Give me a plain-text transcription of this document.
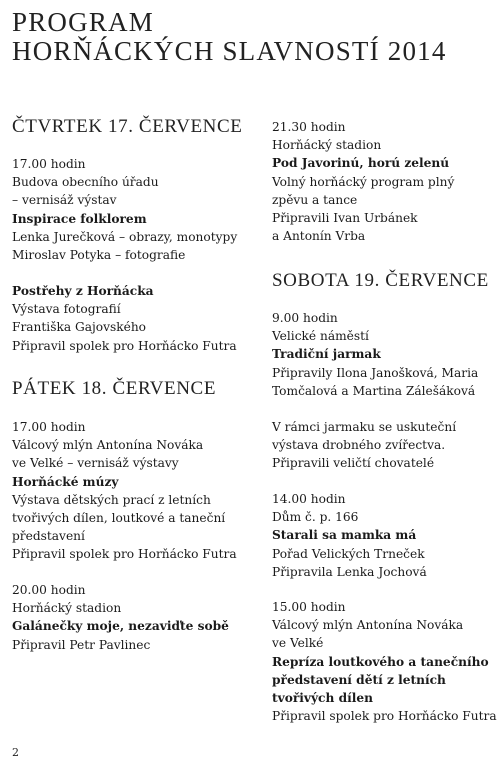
PROGRAM
HORŇÁCKÝCH SLAVNOSTÍ 2014
ČTVRTEK 17. ČERVENCE
17.00 hodin
Budova obecního úřadu
– vernisáž výstav
Inspirace folklorem
Lenka Jurečková – obrazy, monotypy
Miroslav Potyka – fotografie
Postřehy z Horňácka
Výstava fotografií
Františka Gajovského
Připravil spolek pro Horňácko Futra
PÁTEK 18. ČERVENCE
17.00 hodin
Válcový mlýn Antonína Nováka
ve Velké – vernisáž výstavy
Horňácké múzy
Výstava dětských prací z letních
tvořivých dílen, loutkové a taneční
představení
Připravil spolek pro Horňácko Futra
20.00 hodin
Horňácký stadion
Galánečky moje, nezaviďte sobě
Připravil Petr Pavlinec
21.30 hodin
Horňácký stadion
Pod Javorinú, horú zelenú
Volný horňácký program plný
zpěvu a tance
Připravili Ivan Urbánek
a Antonín Vrba
SOBOTA 19. ČERVENCE
9.00 hodin
Velické náměstí
Tradiční jarmak
Připravily Ilona Janošková, Maria
Tomčalová a Martina Zálešáková
V rámci jarmaku se uskuteční
výstava drobného zvířectva.
Připravili veličtí chovatelé
14.00 hodin
Dům č. p. 166
Starali sa mamka má
Pořad Velických Trneček
Připravila Lenka Jochová
15.00 hodin
Válcový mlýn Antonína Nováka
ve Velké
Repríza loutkového a tanečního
představení dětí z letních
tvořivých dílen
Připravil spolek pro Horňácko Futra
2
